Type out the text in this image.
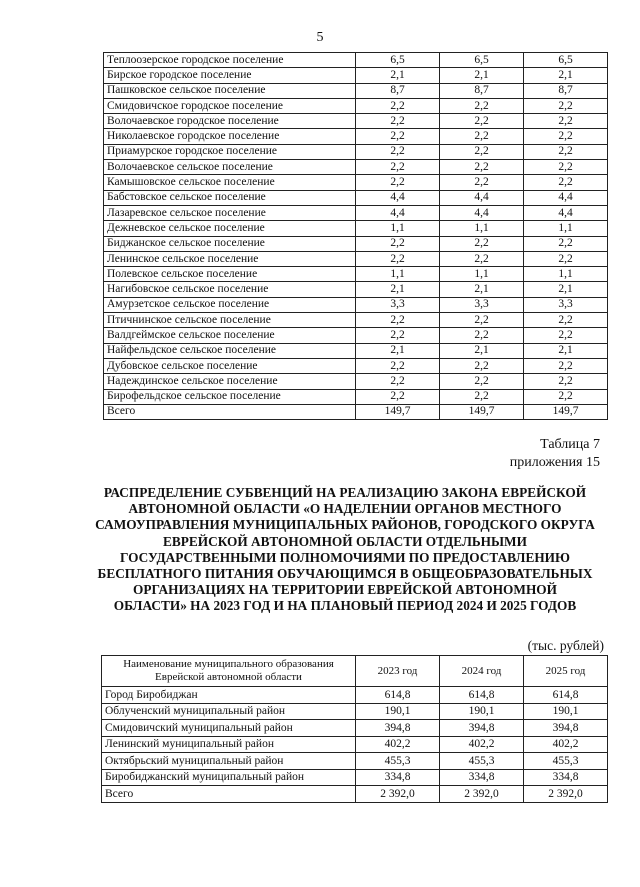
5
Теплоозерское городское поселение	6,5	6,5	6,5
Бирское городское поселение	2,1	2,1	2,1
Пашковское сельское поселение	8,7	8,7	8,7
Смидовичское городское поселение	2,2	2,2	2,2
Волочаевское городское поселение	2,2	2,2	2,2
Николаевское городское поселение	2,2	2,2	2,2
Приамурское городское поселение	2,2	2,2	2,2
Волочаевское сельское поселение	2,2	2,2	2,2
Камышовское сельское поселение	2,2	2,2	2,2
Бабстовское сельское поселение	4,4	4,4	4,4
Лазаревское сельское поселение	4,4	4,4	4,4
Дежневское сельское поселение	1,1	1,1	1,1
Биджанское сельское поселение	2,2	2,2	2,2
Ленинское сельское поселение	2,2	2,2	2,2
Полевское сельское поселение	1,1	1,1	1,1
Нагибовское сельское поселение	2,1	2,1	2,1
Амурзетское сельское поселение	3,3	3,3	3,3
Птичнинское сельское поселение	2,2	2,2	2,2
Валдгеймское сельское поселение	2,2	2,2	2,2
Найфельдское сельское поселение	2,1	2,1	2,1
Дубовское сельское поселение	2,2	2,2	2,2
Надеждинское сельское поселение	2,2	2,2	2,2
Бирофельдское сельское поселение	2,2	2,2	2,2
Всего	149,7	149,7	149,7
Таблица 7
приложения 15
РАСПРЕДЕЛЕНИЕ СУБВЕНЦИЙ НА РЕАЛИЗАЦИЮ ЗАКОНА ЕВРЕЙСКОЙ АВТОНОМНОЙ ОБЛАСТИ «О НАДЕЛЕНИИ ОРГАНОВ МЕСТНОГО САМОУПРАВЛЕНИЯ МУНИЦИПАЛЬНЫХ РАЙОНОВ, ГОРОДСКОГО ОКРУГА ЕВРЕЙСКОЙ АВТОНОМНОЙ ОБЛАСТИ ОТДЕЛЬНЫМИ ГОСУДАРСТВЕННЫМИ ПОЛНОМОЧИЯМИ ПО ПРЕДОСТАВЛЕНИЮ БЕСПЛАТНОГО ПИТАНИЯ ОБУЧАЮЩИМСЯ В ОБЩЕОБРАЗОВАТЕЛЬНЫХ ОРГАНИЗАЦИЯХ НА ТЕРРИТОРИИ ЕВРЕЙСКОЙ АВТОНОМНОЙ ОБЛАСТИ» НА 2023 ГОД И НА ПЛАНОВЫЙ ПЕРИОД 2024 И 2025 ГОДОВ
(тыс. рублей)
Наименование муниципального образования Еврейской автономной области	2023 год	2024 год	2025 год
Город Биробиджан	614,8	614,8	614,8
Облученский муниципальный район	190,1	190,1	190,1
Смидовичский муниципальный район	394,8	394,8	394,8
Ленинский муниципальный район	402,2	402,2	402,2
Октябрьский муниципальный район	455,3	455,3	455,3
Биробиджанский муниципальный район	334,8	334,8	334,8
Всего	2 392,0	2 392,0	2 392,0
